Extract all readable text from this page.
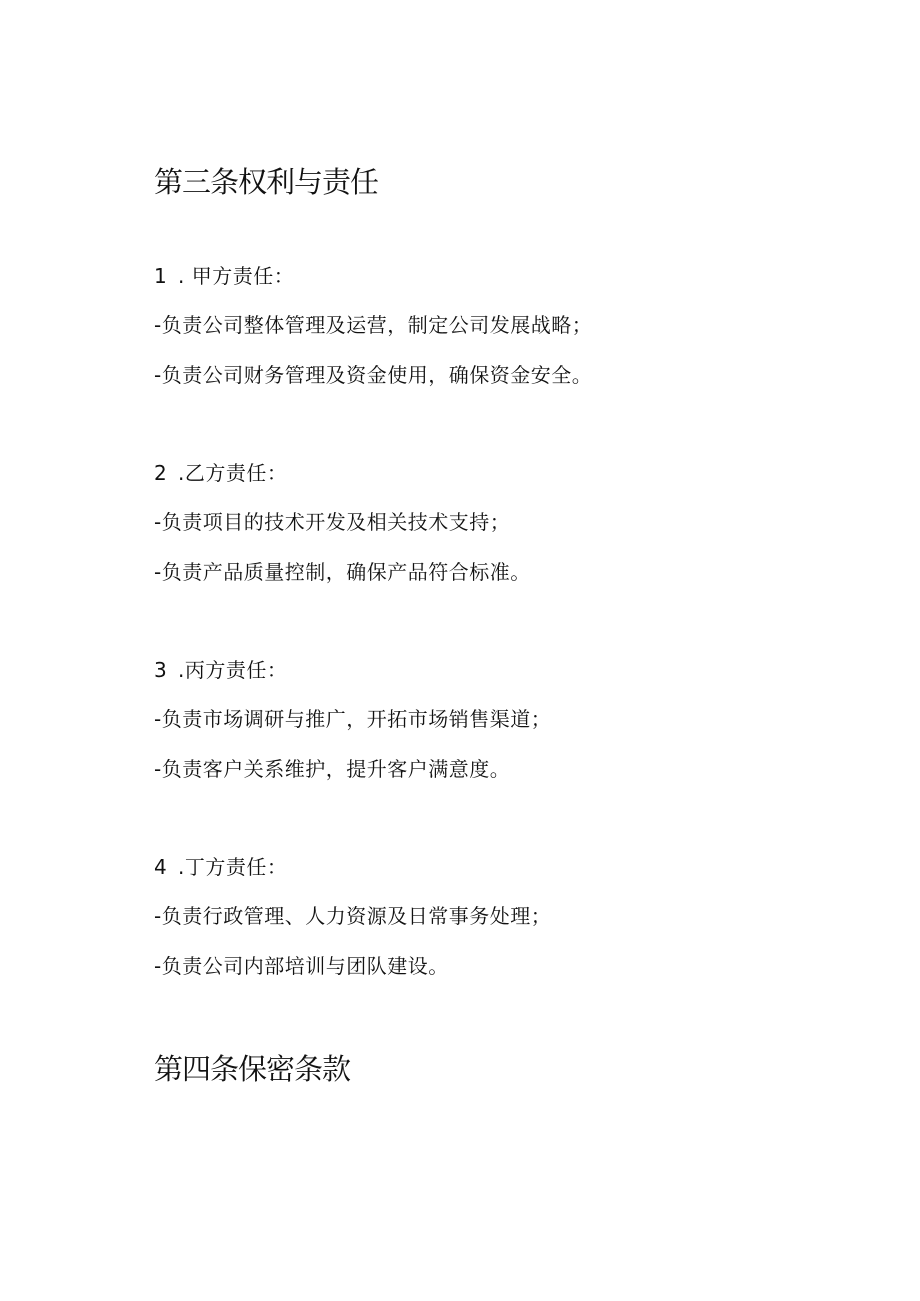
第三条权利与责任

1 . 甲方责任：

-负责公司整体管理及运营，制定公司发展战略；

-负责公司财务管理及资金使用，确保资金安全。

2 .乙方责任：

-负责项目的技术开发及相关技术支持；

-负责产品质量控制，确保产品符合标准。

3 .丙方责任：

-负责市场调研与推广，开拓市场销售渠道；

-负责客户关系维护，提升客户满意度。

4 .丁方责任：

-负责行政管理、人力资源及日常事务处理；

-负责公司内部培训与团队建设。

第四条保密条款
